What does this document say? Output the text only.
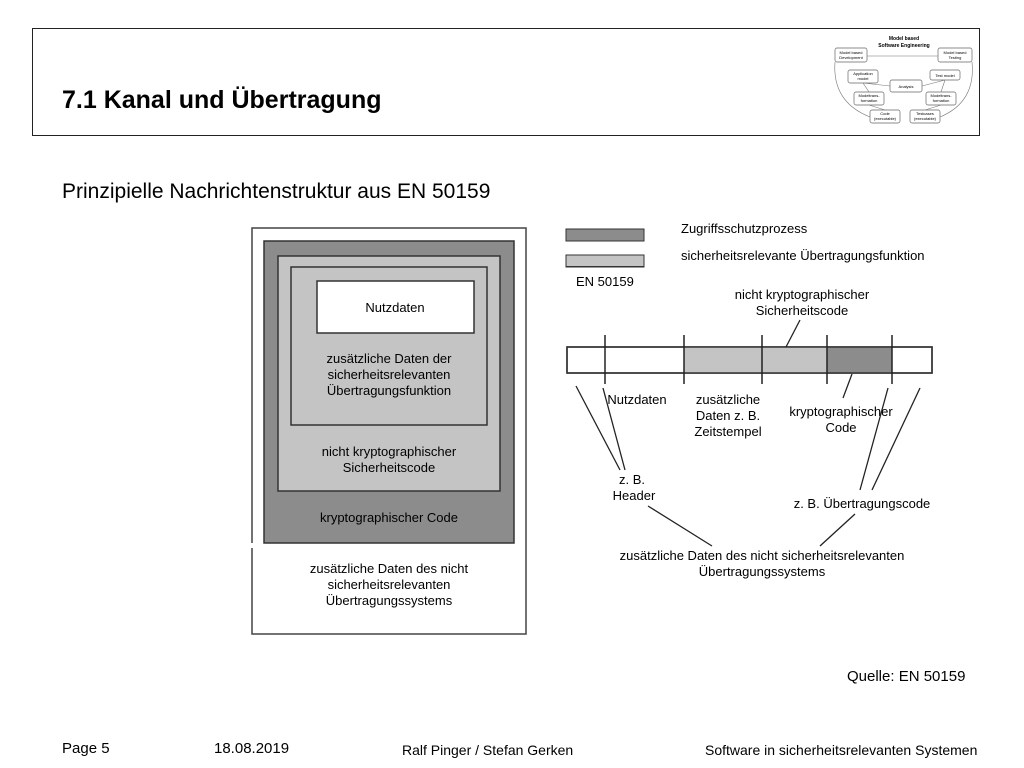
7.1 Kanal und Übertragung
Model based
Software Engineering
Model based
Development
Model based
Testing
Application
model
Test model
Analysis
Modeltrans-
formation
Modeltrans-
formation
Code
(executable)
Testcases
(executable)
Prinzipielle Nachrichtenstruktur aus EN 50159
Nutzdaten
zusätzliche Daten der
sicherheitsrelevanten
Übertragungsfunktion
nicht kryptographischer
Sicherheitscode
kryptographischer Code
zusätzliche Daten des nicht
sicherheitsrelevanten
Übertragungssystems
Zugriffsschutzprozess
sicherheitsrelevante Übertragungsfunktion
EN 50159
nicht kryptographischer
Sicherheitscode
Nutzdaten zusätzliche
Daten z. B.
Zeitstempel
kryptographischer
Code
z. B.
Header
z. B. Übertragungscode
zusätzliche Daten des nicht sicherheitsrelevanten
Übertragungssystems
Quelle: EN 50159
Page 5	18.08.2019	Ralf Pinger / Stefan Gerken	Software in sicherheitsrelevanten Systemen
